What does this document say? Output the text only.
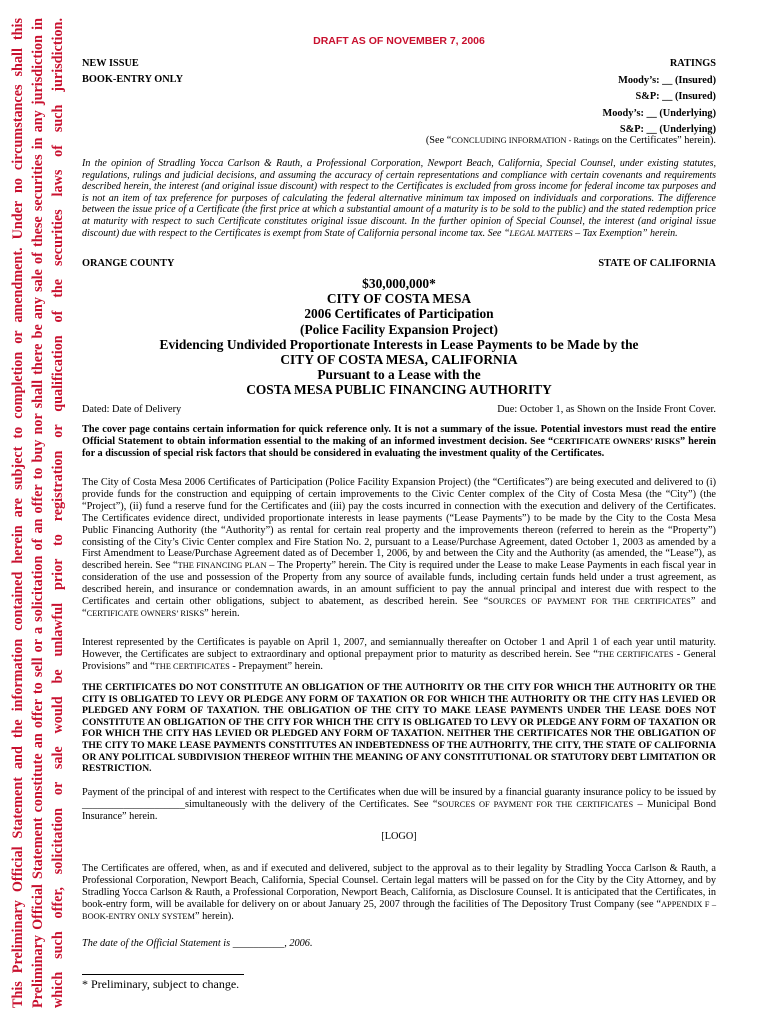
This Preliminary Official Statement and the information contained herein are subject to completion or amendment. Under no circumstances shall this Preliminary Official Statement constitute an offer to sell or a solicitation of an offer to buy nor shall there be any sale of these securities in any jurisdiction in which such offer, solicitation or sale would be unlawful prior to registration or qualification of the securities laws of such jurisdiction.	DRAFT AS OF NOVEMBER 7, 2006
NEW ISSUE
BOOK-ENTRY ONLY
RATINGS
Moody’s: __ (Insured)
S&P: __ (Insured)
Moody’s: __ (Underlying)
S&P: __ (Underlying)
(See “CONCLUDING INFORMATION - Ratings on the Certificates” herein).
In the opinion of Stradling Yocca Carlson & Rauth, a Professional Corporation, Newport Beach, California, Special Counsel, under existing statutes, regulations, rulings and judicial decisions, and assuming the accuracy of certain representations and compliance with certain covenants and requirements described herein, the interest (and original issue discount) with respect to the Certificates is excluded from gross income for federal income tax purposes and is not an item of tax preference for purposes of calculating the federal alternative minimum tax imposed on individuals and corporations. The difference between the issue price of a Certificate (the first price at which a substantial amount of a maturity is to be sold to the public) and the stated redemption price at maturity with respect to such Certificate constitutes original issue discount. In the further opinion of Special Counsel, the interest (and original issue discount) due with respect to the Certificates is exempt from State of California personal income tax. See “LEGAL MATTERS – Tax Exemption” herein.
ORANGE COUNTY	STATE OF CALIFORNIA
$30,000,000*
CITY OF COSTA MESA
2006 Certificates of Participation
(Police Facility Expansion Project)
Evidencing Undivided Proportionate Interests in Lease Payments to be Made by the
CITY OF COSTA MESA, CALIFORNIA
Pursuant to a Lease with the
COSTA MESA PUBLIC FINANCING AUTHORITY
Dated: Date of Delivery	Due: October 1, as Shown on the Inside Front Cover.
The cover page contains certain information for quick reference only. It is not a summary of the issue. Potential investors must read the entire Official Statement to obtain information essential to the making of an informed investment decision. See “CERTIFICATE OWNERS’ RISKS” herein for a discussion of special risk factors that should be considered in evaluating the investment quality of the Certificates.
The City of Costa Mesa 2006 Certificates of Participation (Police Facility Expansion Project) (the “Certificates”) are being executed and delivered to (i) provide funds for the construction and equipping of certain improvements to the Civic Center complex of the City of Costa Mesa (the “City”) (the “Project”), (ii) fund a reserve fund for the Certificates and (iii) pay the costs incurred in connection with the execution and delivery of the Certificates. The Certificates evidence direct, undivided proportionate interests in lease payments (“Lease Payments”) to be made by the City to the Costa Mesa Public Financing Authority (the “Authority”) as rental for certain real property and the improvements thereon (referred to herein as the “Property”) consisting of the City’s Civic Center complex and Fire Station No. 2, pursuant to a Lease/Purchase Agreement, dated October 1, 2003 as amended by a First Amendment to Lease/Purchase Agreement dated as of December 1, 2006, by and between the City and the Authority (as amended, the “Lease”), as described herein. See “THE FINANCING PLAN – The Property” herein. The City is required under the Lease to make Lease Payments in each fiscal year in consideration of the use and possession of the Property from any source of available funds, including certain funds held under a trust agreement, as described herein, and insurance or condemnation awards, in an amount sufficient to pay the annual principal and interest due with respect to the Certificates and certain other obligations, subject to abatement, as described herein. See “SOURCES OF PAYMENT FOR THE CERTIFICATES” and “CERTIFICATE OWNERS’ RISKS” herein.
Interest represented by the Certificates is payable on April 1, 2007, and semiannually thereafter on October 1 and April 1 of each year until maturity. However, the Certificates are subject to extraordinary and optional prepayment prior to maturity as described herein. See “THE CERTIFICATES - General Provisions” and “THE CERTIFICATES - Prepayment” herein.
THE CERTIFICATES DO NOT CONSTITUTE AN OBLIGATION OF THE AUTHORITY OR THE CITY FOR WHICH THE AUTHORITY OR THE CITY IS OBLIGATED TO LEVY OR PLEDGE ANY FORM OF TAXATION OR FOR WHICH THE AUTHORITY OR THE CITY HAS LEVIED OR PLEDGED ANY FORM OF TAXATION. THE OBLIGATION OF THE CITY TO MAKE LEASE PAYMENTS UNDER THE LEASE DOES NOT CONSTITUTE AN OBLIGATION OF THE CITY FOR WHICH THE CITY IS OBLIGATED TO LEVY OR PLEDGE ANY FORM OF TAXATION OR FOR WHICH THE CITY HAS LEVIED OR PLEDGED ANY FORM OF TAXATION. NEITHER THE CERTIFICATES NOR THE OBLIGATION OF THE CITY TO MAKE LEASE PAYMENTS CONSTITUTES AN INDEBTEDNESS OF THE AUTHORITY, THE CITY, THE STATE OF CALIFORNIA OR ANY POLITICAL SUBDIVISION THEREOF WITHIN THE MEANING OF ANY CONSTITUTIONAL OR STATUTORY DEBT LIMITATION OR RESTRICTION.
Payment of the principal of and interest with respect to the Certificates when due will be insured by a financial guaranty insurance policy to be issued by ____________________simultaneously with the delivery of the Certificates. See “SOURCES OF PAYMENT FOR THE CERTIFICATES – Municipal Bond Insurance” herein.
[LOGO]
The Certificates are offered, when, as and if executed and delivered, subject to the approval as to their legality by Stradling Yocca Carlson & Rauth, a Professional Corporation, Newport Beach, California, Special Counsel. Certain legal matters will be passed on for the City by the City Attorney, and by Stradling Yocca Carlson & Rauth, a Professional Corporation, Newport Beach, California, as Disclosure Counsel. It is anticipated that the Certificates, in book-entry form, will be available for delivery on or about January 25, 2007 through the facilities of The Depository Trust Company (see “APPENDIX F – BOOK-ENTRY ONLY SYSTEM” herein).
The date of the Official Statement is __________, 2006.
* Preliminary, subject to change.
